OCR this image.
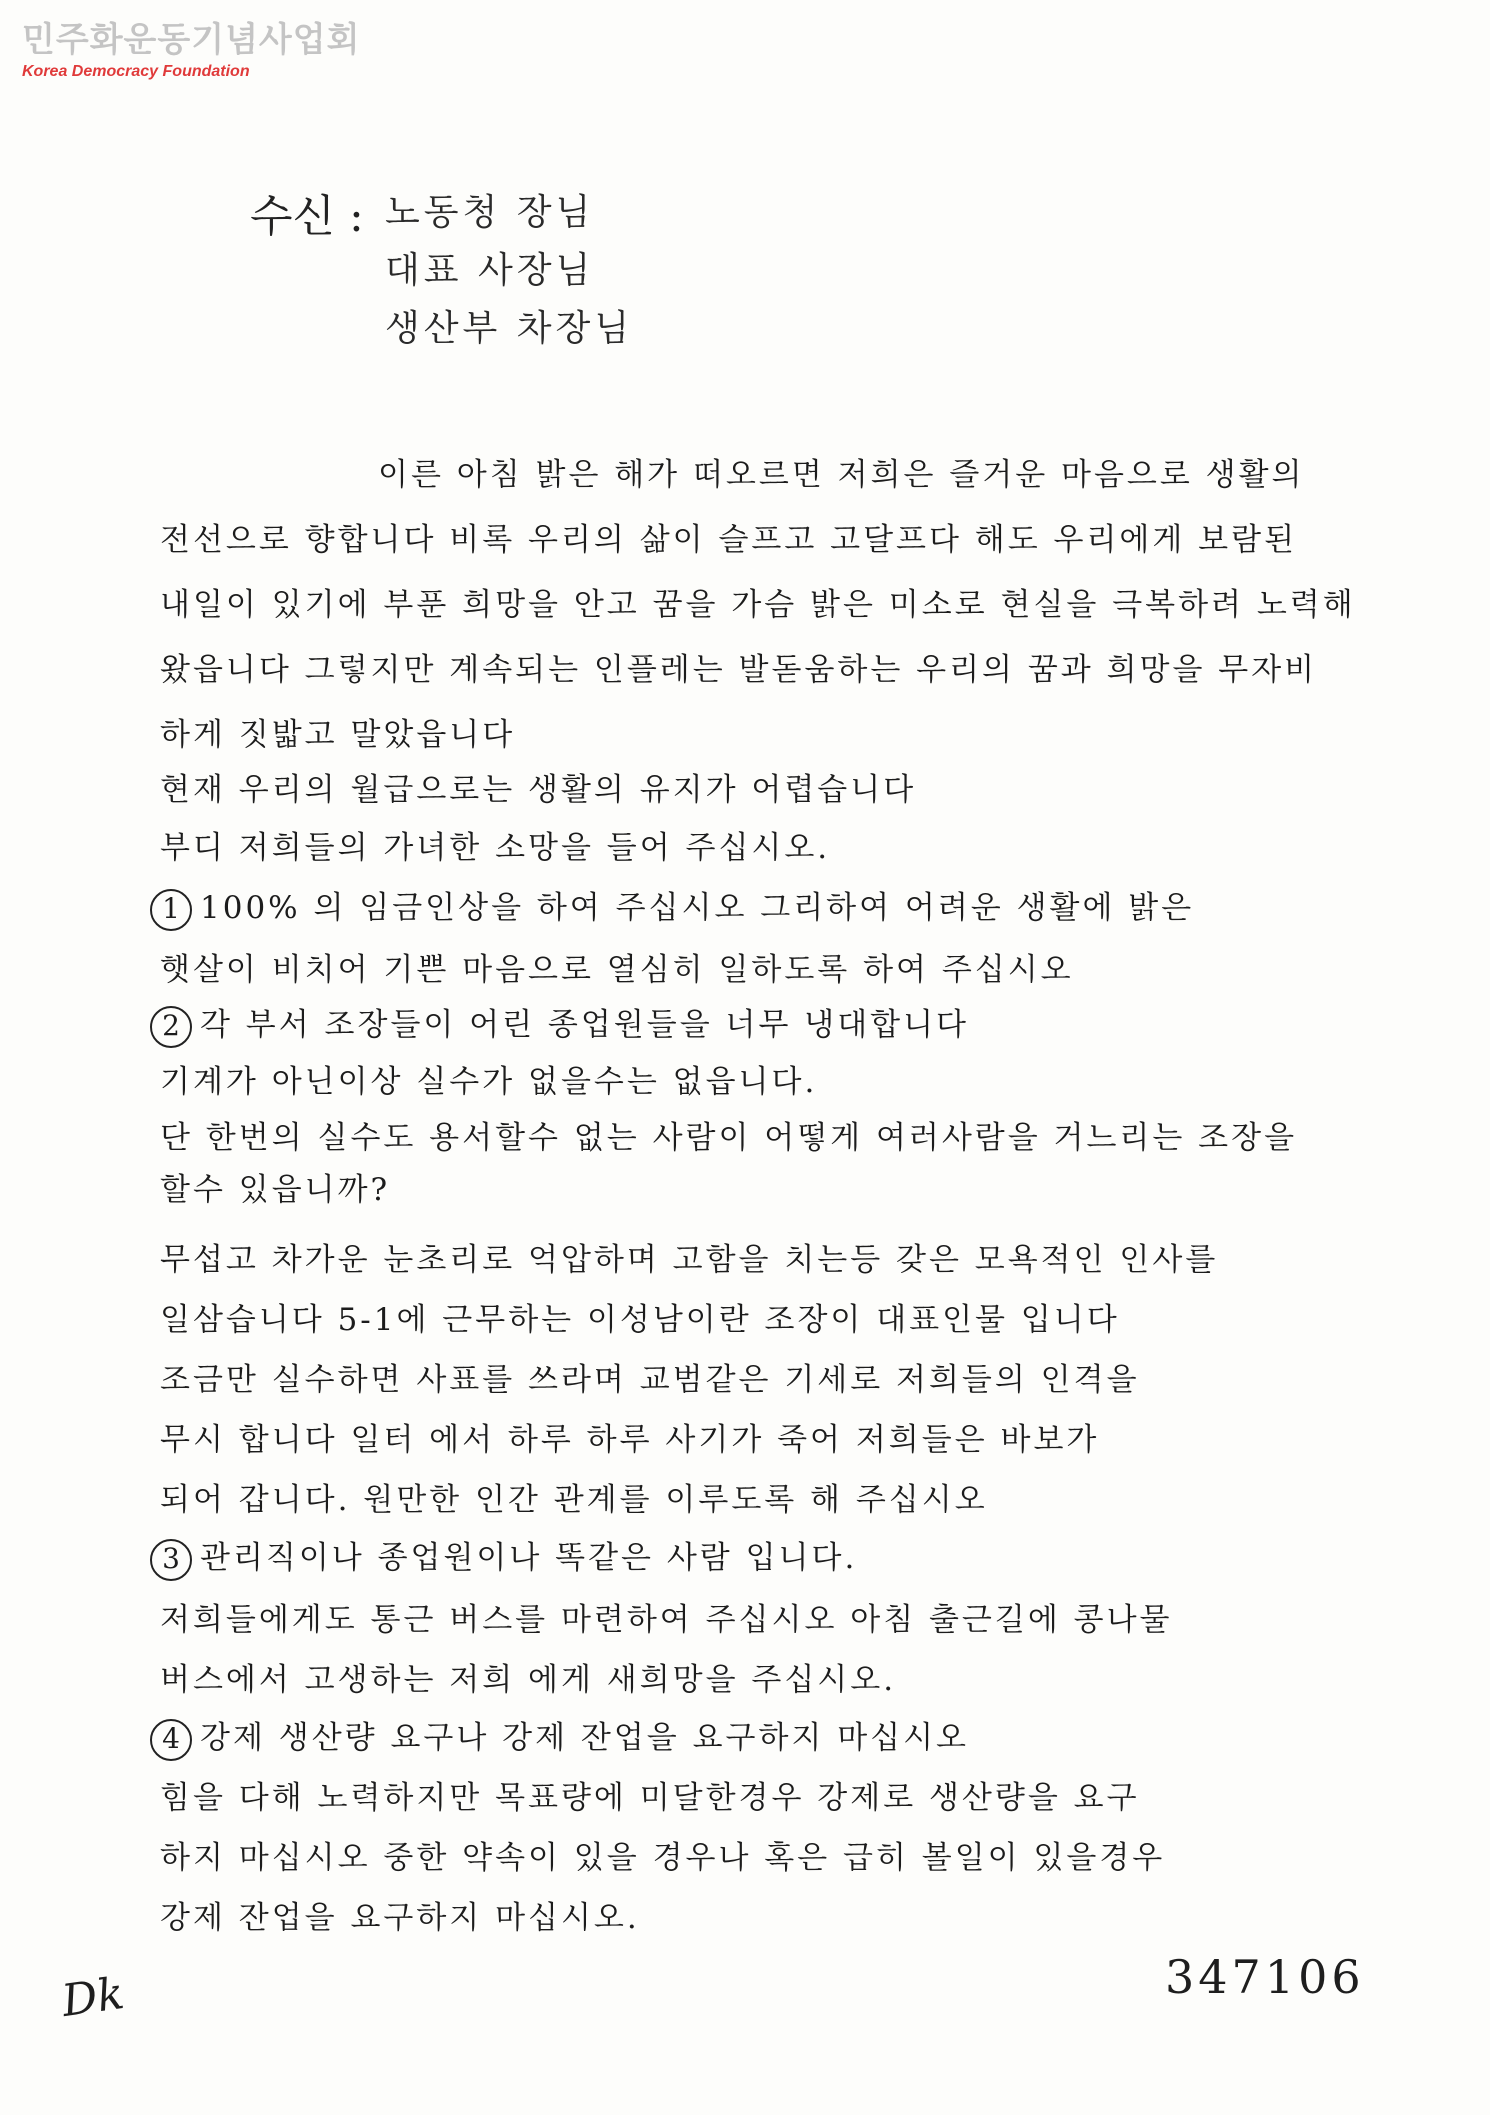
민주화운동기념사업회
Korea Democracy Foundation
수신 : 노동청 장님
대표 사장님
생산부 차장님
이른 아침 밝은 해가 떠오르면 저희은 즐거운 마음으로 생활의
전선으로 향합니다 비록 우리의 삶이 슬프고 고달프다 해도 우리에게 보람된
내일이 있기에 부푼 희망을 안고 꿈을 가슴 밝은 미소로 현실을 극복하려 노력해
왔읍니다 그렇지만 계속되는 인플레는 발돋움하는 우리의 꿈과 희망을 무자비
하게 짓밟고 말았읍니다
현재 우리의 월급으로는 생활의 유지가 어렵습니다
부디 저희들의 가녀한 소망을 들어 주십시오.
1 100% 의 임금인상을 하여 주십시오 그리하여 어려운 생활에 밝은
햇살이 비치어 기쁜 마음으로 열심히 일하도록 하여 주십시오
2 각 부서 조장들이 어린 종업원들을 너무 냉대합니다
기계가 아닌이상 실수가 없을수는 없읍니다.
단 한번의 실수도 용서할수 없는 사람이 어떻게 여러사람을 거느리는 조장을
할수 있읍니까?
무섭고 차가운 눈초리로 억압하며 고함을 치는등 갖은 모욕적인 인사를
일삼습니다 5-1에 근무하는 이성남이란 조장이 대표인물 입니다
조금만 실수하면 사표를 쓰라며 교범같은 기세로 저희들의 인격을
무시 합니다 일터 에서 하루 하루 사기가 죽어 저희들은 바보가
되어 갑니다. 원만한 인간 관계를 이루도록 해 주십시오
3 관리직이나 종업원이나 똑같은 사람 입니다.
저희들에게도 통근 버스를 마련하여 주십시오 아침 출근길에 콩나물
버스에서 고생하는 저희 에게 새희망을 주십시오.
4 강제 생산량 요구나 강제 잔업을 요구하지 마십시오
힘을 다해 노력하지만 목표량에 미달한경우 강제로 생산량을 요구
하지 마십시오 중한 약속이 있을 경우나 혹은 급히 볼일이 있을경우
강제 잔업을 요구하지 마십시오.
Dk	347106
